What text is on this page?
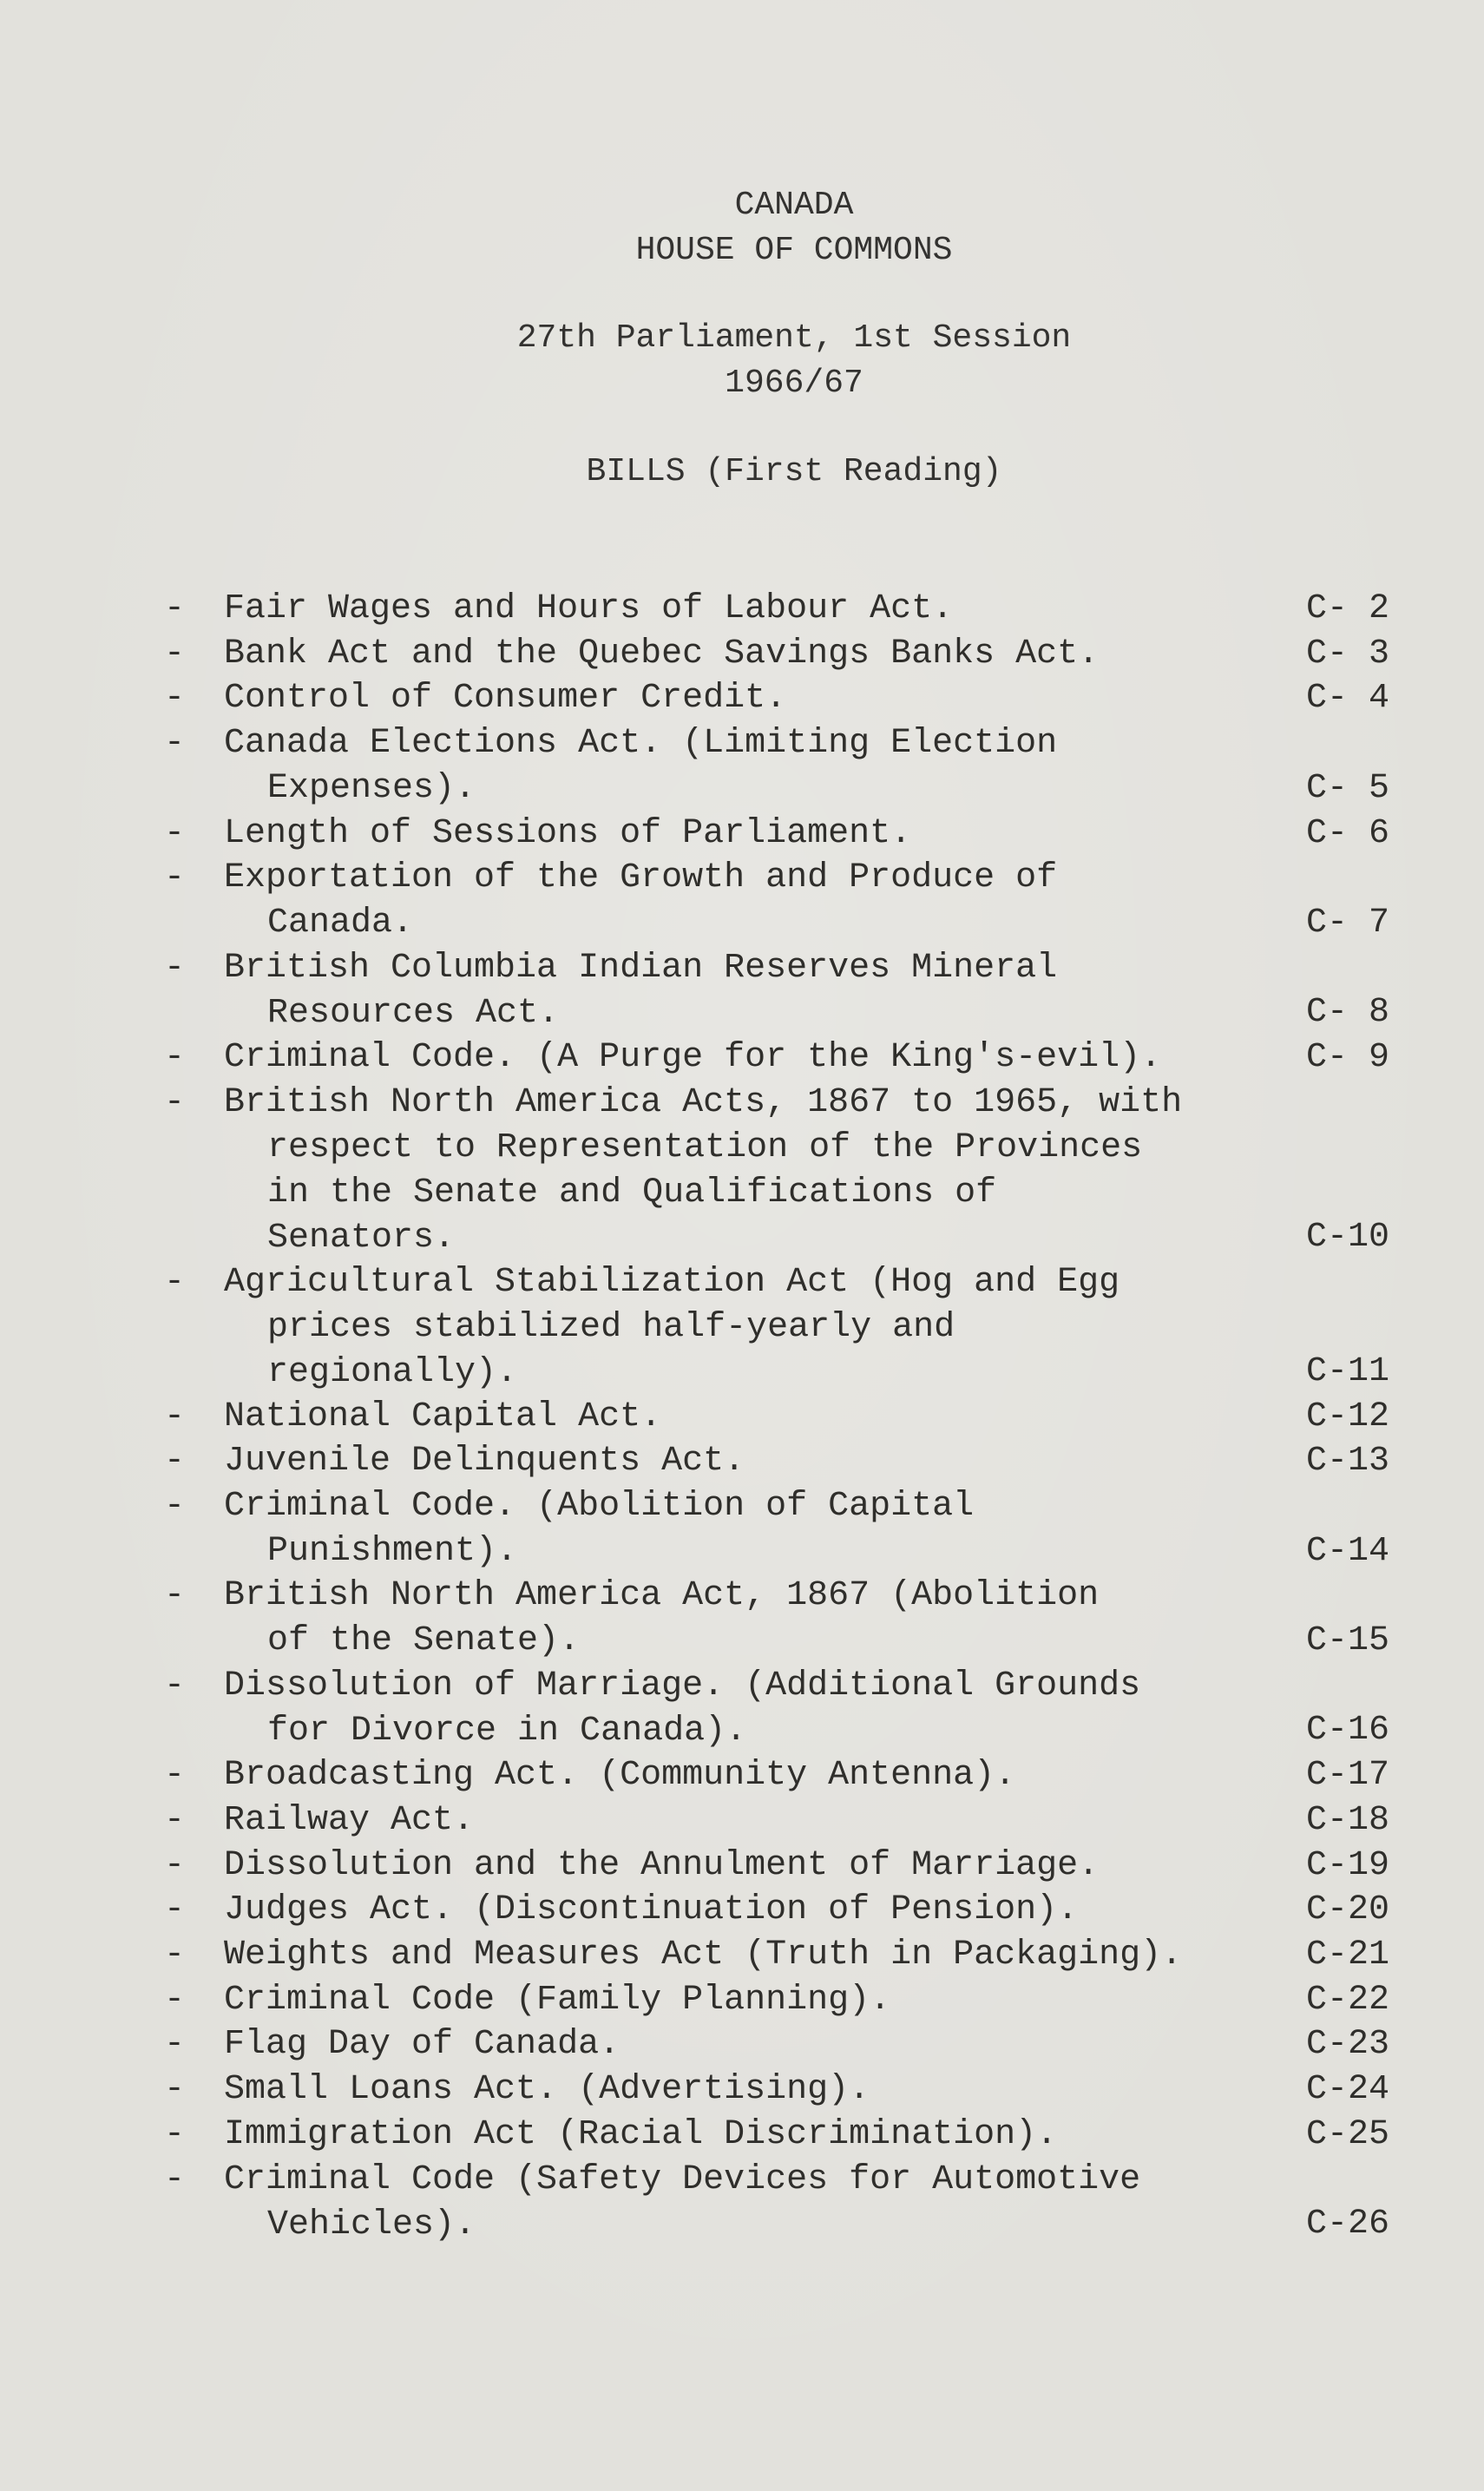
CANADA
HOUSE OF COMMONS
27th Parliament, 1st Session
1966/67
BILLS (First Reading)
- Fair Wages and Hours of Labour Act.	C- 2
- Bank Act and the Quebec Savings Banks Act.	C- 3
- Control of Consumer Credit.	C- 4
- Canada Elections Act. (Limiting Election
Expenses).	C- 5
- Length of Sessions of Parliament.	C- 6
- Exportation of the Growth and Produce of
Canada.	C- 7
- British Columbia Indian Reserves Mineral
Resources Act.	C- 8
- Criminal Code. (A Purge for the King's-evil).	C- 9
- British North America Acts, 1867 to 1965, with
respect to Representation of the Provinces
in the Senate and Qualifications of
Senators.	C-10
- Agricultural Stabilization Act (Hog and Egg
prices stabilized half-yearly and
regionally).	C-11
- National Capital Act.	C-12
- Juvenile Delinquents Act.	C-13
- Criminal Code. (Abolition of Capital
Punishment).	C-14
- British North America Act, 1867 (Abolition
of the Senate).	C-15
- Dissolution of Marriage. (Additional Grounds
for Divorce in Canada).	C-16
- Broadcasting Act. (Community Antenna).	C-17
- Railway Act.	C-18
- Dissolution and the Annulment of Marriage.	C-19
- Judges Act. (Discontinuation of Pension).	C-20
- Weights and Measures Act (Truth in Packaging).	C-21
- Criminal Code (Family Planning).	C-22
- Flag Day of Canada.	C-23
- Small Loans Act. (Advertising).	C-24
- Immigration Act (Racial Discrimination).	C-25
- Criminal Code (Safety Devices for Automotive
Vehicles).	C-26
